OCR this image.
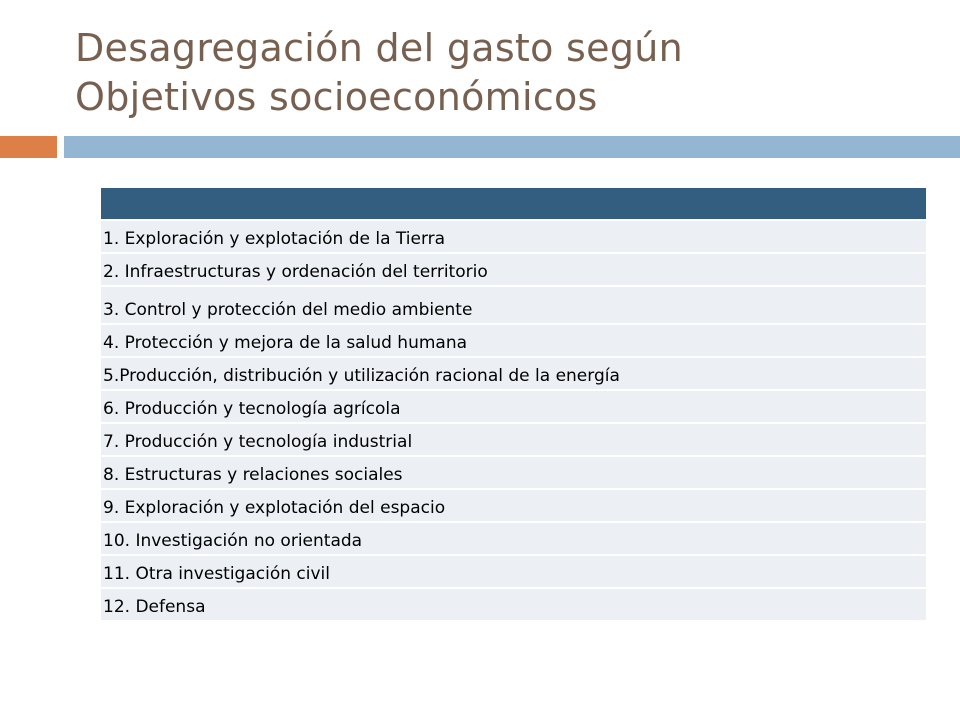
Desagregación del gasto según
Objetivos socioeconómicos
1. Exploración y explotación de la Tierra
2. Infraestructuras y ordenación del territorio
3. Control y protección del medio ambiente
4. Protección y mejora de la salud humana
5.Producción, distribución y utilización racional de la energía
6. Producción y tecnología agrícola
7. Producción y tecnología industrial
8. Estructuras y relaciones sociales
9. Exploración y explotación del espacio
10. Investigación no orientada
11. Otra investigación civil
12. Defensa
